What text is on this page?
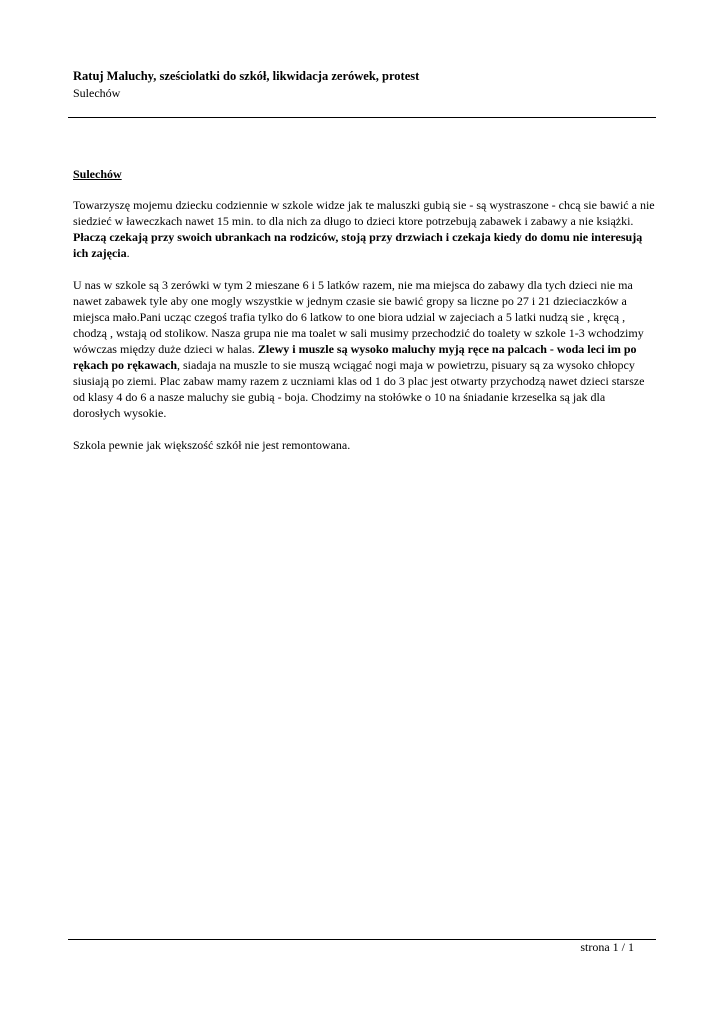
Ratuj Maluchy, sześciolatki do szkół, likwidacja zerówek, protest

Sulechów

Sulechów

Towarzyszę mojemu dziecku codziennie w szkole widze jak te maluszki gubią sie - są wystraszone - chcą sie bawić a nie siedzieć w ławeczkach nawet 15 min. to dla nich za długo to dzieci ktore potrzebują zabawek i zabawy a nie książki. Płaczą czekają przy swoich ubrankach na rodziców, stoją przy drzwiach i czekaja kiedy do domu nie interesują ich zajęcia.

U nas w szkole są 3 zerówki w tym 2 mieszane 6 i 5 latków razem, nie ma miejsca do zabawy dla tych dzieci nie ma nawet zabawek tyle aby one mogly wszystkie w jednym czasie sie bawić gropy sa liczne po 27 i 21 dzieciaczków a miejsca mało.Pani ucząc czegoś trafia tylko do 6 latkow to one biora udzial w zajeciach a 5 latki nudzą sie , kręcą , chodzą , wstają od stolikow. Nasza grupa nie ma toalet w sali musimy przechodzić do toalety w szkole 1-3 wchodzimy wówczas między duże dzieci w halas. Zlewy i muszle są wysoko maluchy myją ręce na palcach - woda leci im po rękach po rękawach, siadaja na muszle to sie muszą wciągać nogi maja w powietrzu, pisuary są za wysoko chłopcy siusiają po ziemi. Plac zabaw mamy razem z uczniami klas od 1 do 3 plac jest otwarty przychodzą nawet dzieci starsze od klasy 4 do 6 a nasze maluchy sie gubią - boja. Chodzimy na stołówke o 10 na śniadanie krzeselka są jak dla dorosłych wysokie.

Szkola pewnie jak większość szkół nie jest remontowana.

strona 1 / 1
